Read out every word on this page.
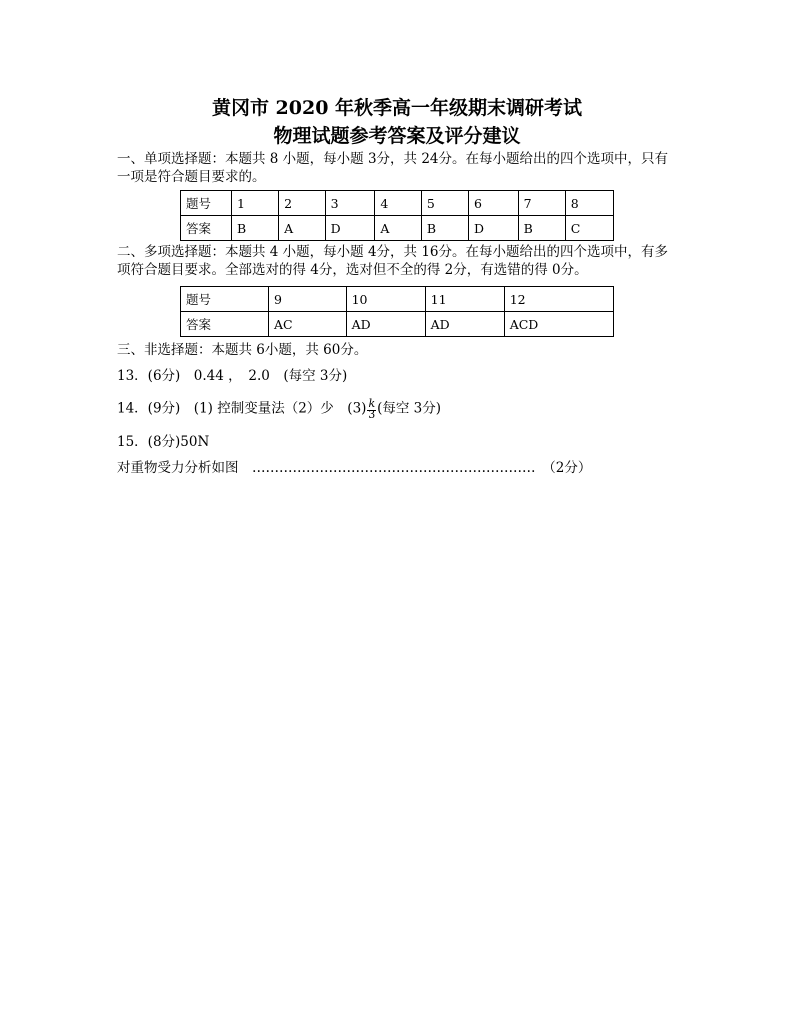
黄冈市 2020 年秋季高一年级期末调研考试
物理试题参考答案及评分建议
一、单项选择题：本题共 8 小题，每小题 3分，共 24分。在每小题给出的四个选项中，只有一项是符合题目要求的。
题号	1	2	3	4	5	6	7	8
答案	B	A	D	A	B	D	B	C
二、多项选择题：本题共 4 小题，每小题 4分，共 16分。在每小题给出的四个选项中，有多项符合题目要求。全部选对的得 4分，选对但不全的得 2分，有选错的得 0分。
题号	9	10	11	12
答案	AC	AD	AD	ACD
三、非选择题：本题共 6小题，共 60分。
13．(6分)　0.44 ，　2.0　(每空 3分)
14．(9分)　(1) 控制变量法（2）少　$(3)\frac{k}{3}$ (每空 3分)
15．(8分)50N
对重物受力分析如图　………………………………………………………　（2分）
